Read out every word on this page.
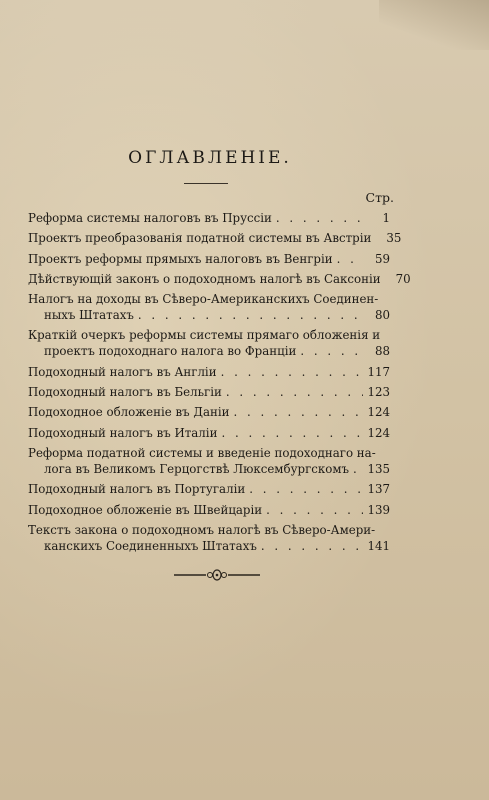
ОГЛАВЛЕНІЕ.
Стр.
Реформа системы налоговъ въ Пруссіи . . .	1
Проектъ преобразованія податной системы въ Австріи	35
Проектъ реформы прямыхъ налоговъ въ Венгріи . . .	59
Дѣйствующій законъ о подоходномъ налогѣ въ Саксоніи	70
Налогъ на доходы въ Сѣверо-Американскихъ Соединен-
ныхъ Штатахъ . . .	80
Краткій очеркъ реформы системы прямаго обложенія и
проектъ подоходнаго налога во Франціи . . .	88
Подоходный налогъ въ Англіи . . .	117
Подоходный налогъ въ Бельгіи . . .	123
Подоходное обложеніе въ Даніи . . .	124
Подоходный налогъ въ Италіи . . .	124
Реформа податной системы и введеніе подоходнаго на-
лога въ Великомъ Герцогствѣ Люксембургскомъ . . . 135
Подоходный налогъ въ Португаліи . . .	137
Подоходное обложеніе въ Швейцаріи . . .	139
Текстъ закона о подоходномъ налогѣ въ Сѣверо-Амери-
канскихъ Соединенныхъ Штатахъ . . .	141
